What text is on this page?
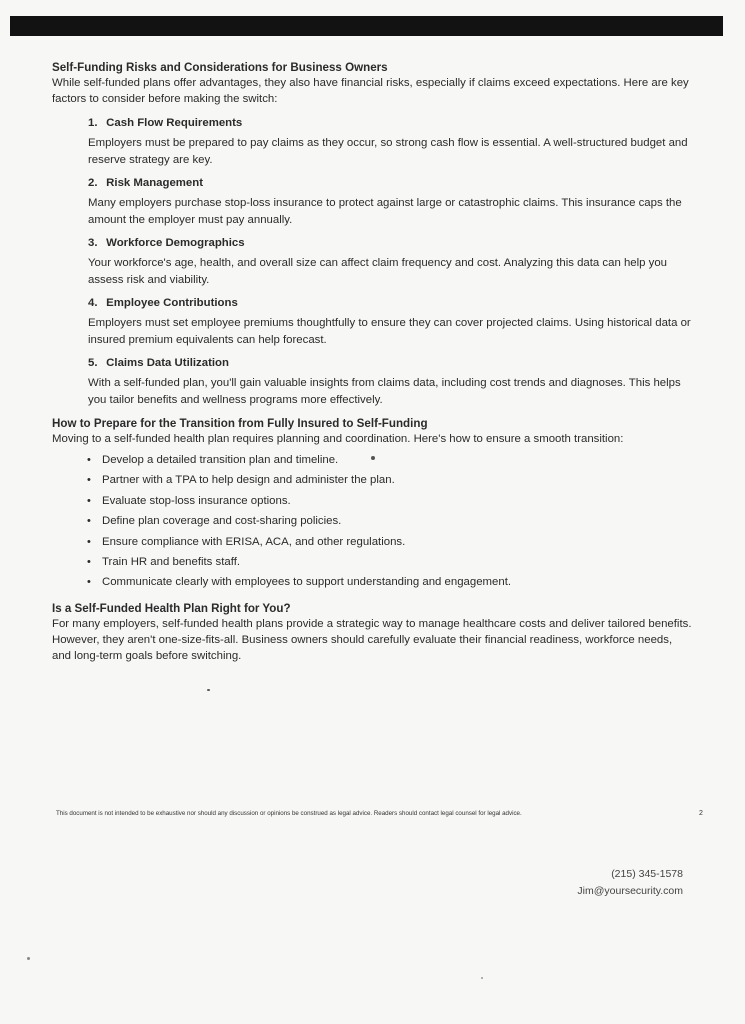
Self-Funding Risks and Considerations for Business Owners

While self-funded plans offer advantages, they also have financial risks, especially if claims exceed expectations. Here are key factors to consider before making the switch:

1. Cash Flow Requirements

Employers must be prepared to pay claims as they occur, so strong cash flow is essential. A well-structured budget and reserve strategy are key.

2. Risk Management

Many employers purchase stop-loss insurance to protect against large or catastrophic claims. This insurance caps the amount the employer must pay annually.

3. Workforce Demographics

Your workforce's age, health, and overall size can affect claim frequency and cost. Analyzing this data can help you assess risk and viability.

4. Employee Contributions

Employers must set employee premiums thoughtfully to ensure they can cover projected claims. Using historical data or insured premium equivalents can help forecast.

5. Claims Data Utilization

With a self-funded plan, you'll gain valuable insights from claims data, including cost trends and diagnoses. This helps you tailor benefits and wellness programs more effectively.

How to Prepare for the Transition from Fully Insured to Self-Funding

Moving to a self-funded health plan requires planning and coordination. Here's how to ensure a smooth transition:

• Develop a detailed transition plan and timeline.
• Partner with a TPA to help design and administer the plan.
• Evaluate stop-loss insurance options.
• Define plan coverage and cost-sharing policies.
• Ensure compliance with ERISA, ACA, and other regulations.
• Train HR and benefits staff.
• Communicate clearly with employees to support understanding and engagement.
Is a Self-Funded Health Plan Right for You?

For many employers, self-funded health plans provide a strategic way to manage healthcare costs and deliver tailored benefits. However, they aren't one-size-fits-all. Business owners should carefully evaluate their financial readiness, workforce needs, and long-term goals before switching.

This document is not intended to be exhaustive nor should any discussion or opinions be construed as legal advice. Readers should contact legal counsel for legal advice.	2
(215) 345-1578
Jim@yoursecurity.com
